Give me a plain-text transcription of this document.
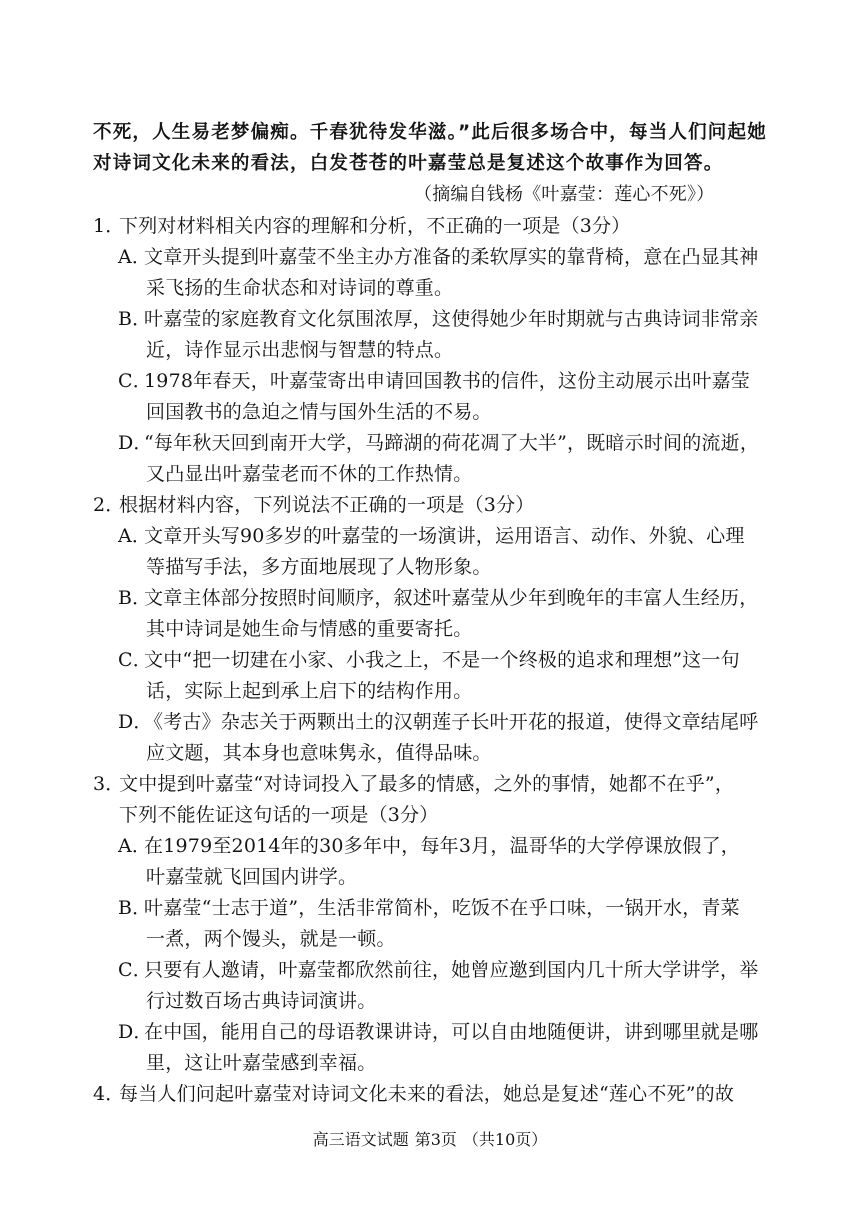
不死，人生易老梦偏痴。千春犹待发华滋。”此后很多场合中，每当人们问起她
对诗词文化未来的看法，白发苍苍的叶嘉莹总是复述这个故事作为回答。
（摘编自钱杨《叶嘉莹：莲心不死》）
1．下列对材料相关内容的理解和分析，不正确的一项是（3分）
A．文章开头提到叶嘉莹不坐主办方准备的柔软厚实的靠背椅，意在凸显其神
采飞扬的生命状态和对诗词的尊重。
B．叶嘉莹的家庭教育文化氛围浓厚，这使得她少年时期就与古典诗词非常亲
近，诗作显示出悲悯与智慧的特点。
C．1978年春天，叶嘉莹寄出申请回国教书的信件，这份主动展示出叶嘉莹
回国教书的急迫之情与国外生活的不易。
D．“每年秋天回到南开大学，马蹄湖的荷花凋了大半”，既暗示时间的流逝，
又凸显出叶嘉莹老而不休的工作热情。
2．根据材料内容，下列说法不正确的一项是（3分）
A．文章开头写90多岁的叶嘉莹的一场演讲，运用语言、动作、外貌、心理
等描写手法，多方面地展现了人物形象。
B．文章主体部分按照时间顺序，叙述叶嘉莹从少年到晚年的丰富人生经历，
其中诗词是她生命与情感的重要寄托。
C．文中“把一切建在小家、小我之上，不是一个终极的追求和理想”这一句
话，实际上起到承上启下的结构作用。
D．《考古》杂志关于两颗出土的汉朝莲子长叶开花的报道，使得文章结尾呼
应文题，其本身也意味隽永，值得品味。
3．文中提到叶嘉莹“对诗词投入了最多的情感，之外的事情，她都不在乎”，
下列不能佐证这句话的一项是（3分）
A．在1979至2014年的30多年中，每年3月，温哥华的大学停课放假了，
叶嘉莹就飞回国内讲学。
B．叶嘉莹“士志于道”，生活非常简朴，吃饭不在乎口味，一锅开水，青菜
一煮，两个馒头，就是一顿。
C．只要有人邀请，叶嘉莹都欣然前往，她曾应邀到国内几十所大学讲学，举
行过数百场古典诗词演讲。
D．在中国，能用自己的母语教课讲诗，可以自由地随便讲，讲到哪里就是哪
里，这让叶嘉莹感到幸福。
4．每当人们问起叶嘉莹对诗词文化未来的看法，她总是复述“莲心不死”的故
高三语文试题 第3页 （共10页）
